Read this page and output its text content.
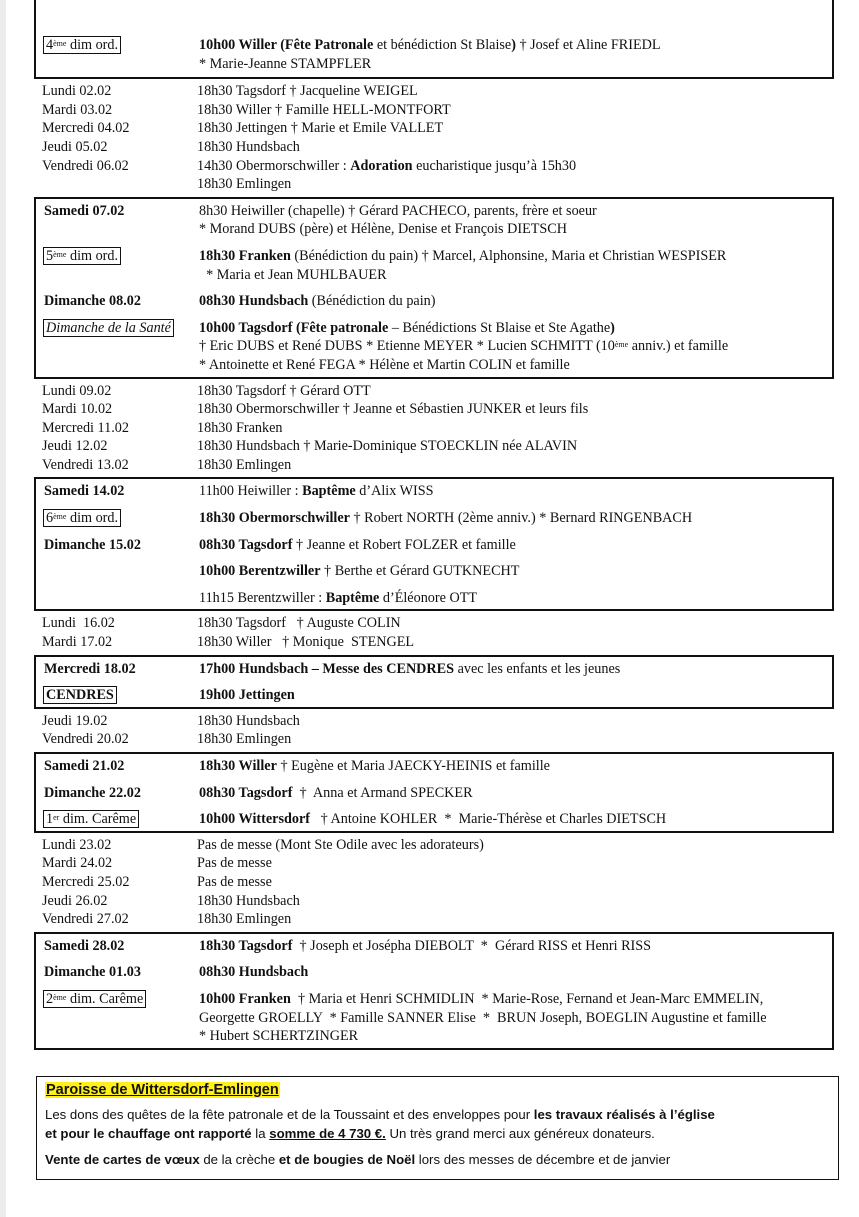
4ème dim ord.	10h00 Willer (Fête Patronale et bénédiction St Blaise) † Josef et Aline FRIEDL
* Marie-Jeanne STAMPFLER
Lundi 02.02	18h30 Tagsdorf † Jacqueline WEIGEL
Mardi 03.02	18h30 Willer † Famille HELL-MONTFORT
Mercredi 04.02	18h30 Jettingen † Marie et Emile VALLET
Jeudi 05.02	18h30 Hundsbach
Vendredi 06.02	14h30 Obermorschwiller : Adoration eucharistique jusqu’à 15h30
18h30 Emlingen
Samedi 07.02	8h30 Heiwiller (chapelle) † Gérard PACHECO, parents, frère et soeur
* Morand DUBS (père) et Hélène, Denise et François DIETSCH
5ème dim ord.	18h30 Franken (Bénédiction du pain) † Marcel, Alphonsine, Maria et Christian WESPISER
* Maria et Jean MUHLBAUER
Dimanche 08.02	08h30 Hundsbach (Bénédiction du pain)
Dimanche de la Santé	10h00 Tagsdorf (Fête patronale – Bénédictions St Blaise et Ste Agathe)
† Eric DUBS et René DUBS * Etienne MEYER * Lucien SCHMITT (10ème anniv.) et famille
* Antoinette et René FEGA * Hélène et Martin COLIN et famille
Lundi 09.02	18h30 Tagsdorf † Gérard OTT
Mardi 10.02	18h30 Obermorschwiller † Jeanne et Sébastien JUNKER et leurs fils
Mercredi 11.02	18h30 Franken
Jeudi 12.02	18h30 Hundsbach † Marie-Dominique STOECKLIN née ALAVIN
Vendredi 13.02	18h30 Emlingen
Samedi 14.02	11h00 Heiwiller : Baptême d’Alix WISS
6ème dim ord.	18h30 Obermorschwiller † Robert NORTH (2ème anniv.) * Bernard RINGENBACH
Dimanche 15.02	08h30 Tagsdorf † Jeanne et Robert FOLZER et famille
10h00 Berentzwiller † Berthe et Gérard GUTKNECHT
11h15 Berentzwiller : Baptême d’Éléonore OTT
Lundi  16.02	18h30 Tagsdorf   † Auguste COLIN
Mardi 17.02	18h30 Willer   † Monique  STENGEL
Mercredi 18.02	17h00 Hundsbach – Messe des CENDRES avec les enfants et les jeunes
CENDRES	19h00 Jettingen
Jeudi 19.02	18h30 Hundsbach
Vendredi 20.02	18h30 Emlingen
Samedi 21.02	18h30 Willer † Eugène et Maria JAECKY-HEINIS et famille
Dimanche 22.02	08h30 Tagsdorf  †  Anna et Armand SPECKER
1er dim. Carême	10h00 Wittersdorf   † Antoine KOHLER  *  Marie-Thérèse et Charles DIETSCH
Lundi 23.02	Pas de messe (Mont Ste Odile avec les adorateurs)
Mardi 24.02	Pas de messe
Mercredi 25.02	Pas de messe
Jeudi 26.02	18h30 Hundsbach
Vendredi 27.02	18h30 Emlingen
Samedi 28.02	18h30 Tagsdorf  † Joseph et Josépha DIEBOLT  *  Gérard RISS et Henri RISS
Dimanche 01.03	08h30 Hundsbach
2ème dim. Carême	10h00 Franken  † Maria et Henri SCHMIDLIN  * Marie-Rose, Fernand et Jean-Marc EMMELIN,
Georgette GROELLY  * Famille SANNER Elise  *  BRUN Joseph, BOEGLIN Augustine et famille
* Hubert SCHERTZINGER
Paroisse de Wittersdorf-Emlingen

Les dons des quêtes de la fête patronale et de la Toussaint et des enveloppes pour les travaux réalisés à l’église
et pour le chauffage ont rapporté la somme de 4 730 €. Un très grand merci aux généreux donateurs.

Vente de cartes de vœux de la crèche et de bougies de Noël lors des messes de décembre et de janvier
